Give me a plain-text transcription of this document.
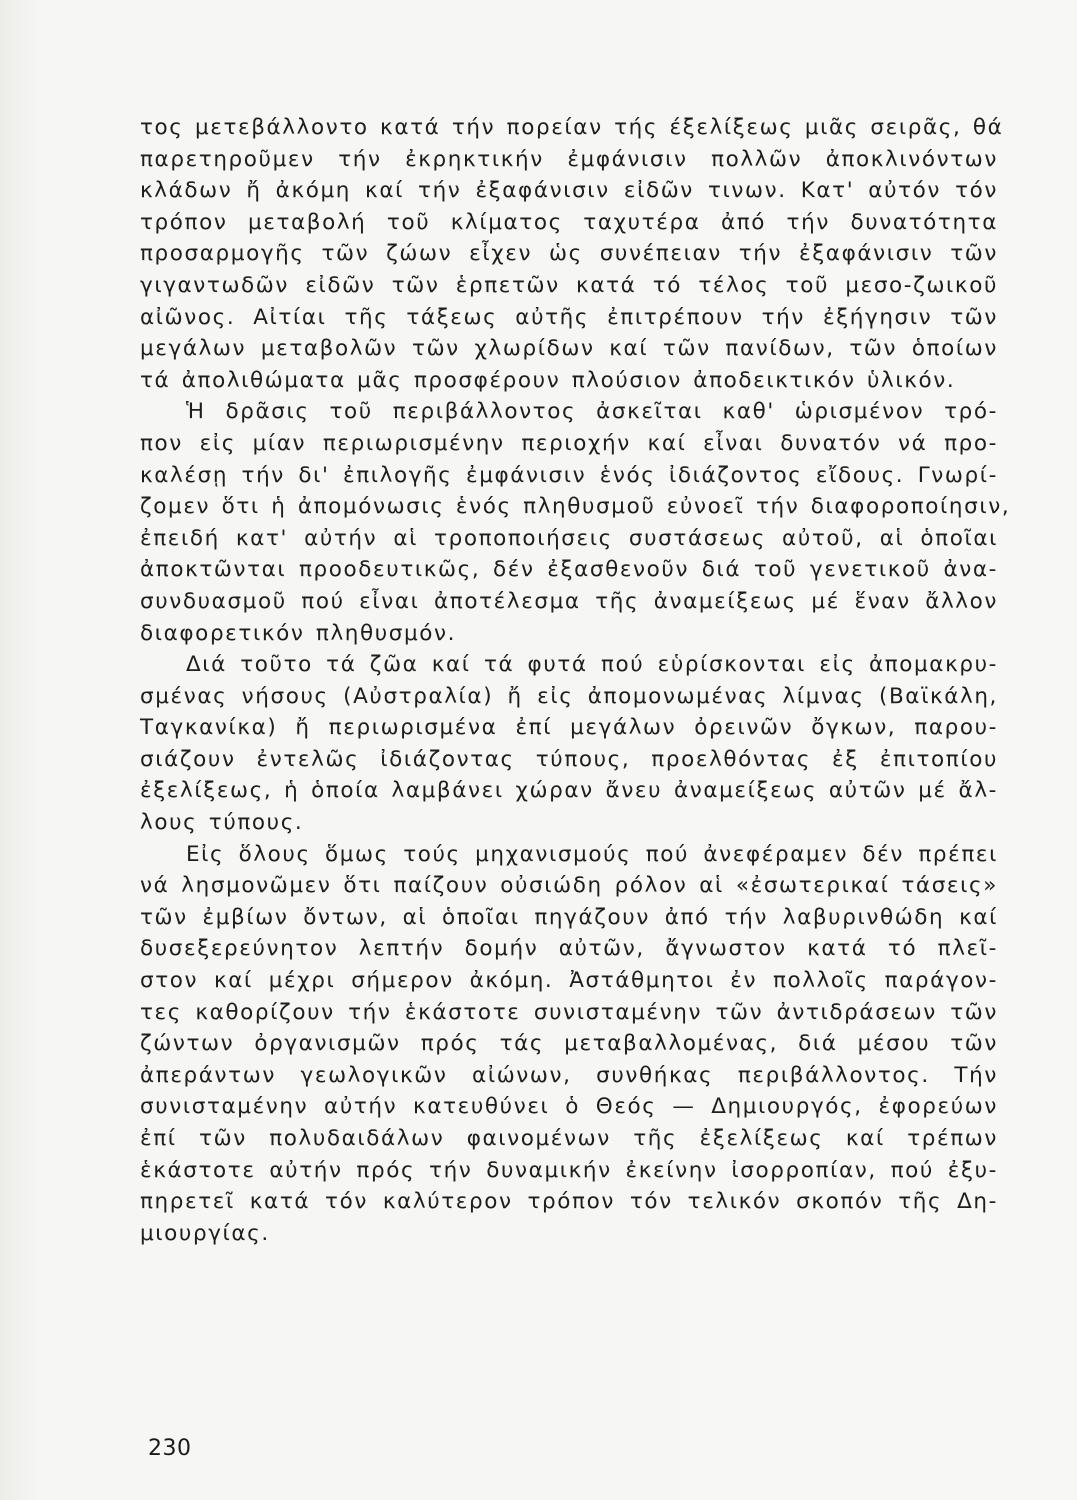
τος μετεβάλλοντο κατά τήν πορείαν τής έξελίξεως μιᾶς σειρᾶς, θά
παρετηροῦμεν τήν ἐκρηκτικήν ἐμφάνισιν πολλῶν ἀποκλινόντων
κλάδων ἤ ἀκόμη καί τήν ἐξαφάνισιν εἰδῶν τινων. Κατ' αὐτόν τόν
τρόπον μεταβολή τοῦ κλίματος ταχυτέρα ἀπό τήν δυνατότητα
προσαρμογῆς τῶν ζώων εἶχεν ὡς συνέπειαν τήν ἐξαφάνισιν τῶν
γιγαντωδῶν εἰδῶν τῶν ἑρπετῶν κατά τό τέλος τοῦ μεσο-ζωικοῦ
αἰῶνος. Αἰτίαι τῆς τάξεως αὐτῆς ἐπιτρέπουν τήν ἐξήγησιν τῶν
μεγάλων μεταβολῶν τῶν χλωρίδων καί τῶν πανίδων, τῶν ὁποίων
τά ἀπολιθώματα μᾶς προσφέρουν πλούσιον ἀποδεικτικόν ὑλικόν.
Ἡ δρᾶσις τοῦ περιβάλλοντος ἀσκεῖται καθ' ὡρισμένον τρό-
πον εἰς μίαν περιωρισμένην περιοχήν καί εἶναι δυνατόν νά προ-
καλέσῃ τήν δι' ἐπιλογῆς ἐμφάνισιν ἑνός ἰδιάζοντος εἴδους. Γνωρί-
ζομεν ὅτι ἡ ἀπομόνωσις ἑνός πληθυσμοῦ εὐνοεῖ τήν διαφοροποίησιν,
ἐπειδή κατ' αὐτήν αἱ τροποποιήσεις συστάσεως αὐτοῦ, αἱ ὁποῖαι
ἀποκτῶνται προοδευτικῶς, δέν ἐξασθενοῦν διά τοῦ γενετικοῦ ἀνα-
συνδυασμοῦ πού εἶναι ἀποτέλεσμα τῆς ἀναμείξεως μέ ἕναν ἄλλον
διαφορετικόν πληθυσμόν.
Διά τοῦτο τά ζῶα καί τά φυτά πού εὑρίσκονται εἰς ἀπομακρυ-
σμένας νήσους (Αὐστραλία) ἤ εἰς ἀπομονωμένας λίμνας (Βαϊκάλη,
Ταγκανίκα) ἤ περιωρισμένα ἐπί μεγάλων ὀρεινῶν ὄγκων, παρου-
σιάζουν ἐντελῶς ἰδιάζοντας τύπους, προελθόντας ἐξ ἐπιτοπίου
ἐξελίξεως, ἡ ὁποία λαμβάνει χώραν ἄνευ ἀναμείξεως αὐτῶν μέ ἄλ-
λους τύπους.
Εἰς ὅλους ὅμως τούς μηχανισμούς πού ἀνεφέραμεν δέν πρέπει
νά λησμονῶμεν ὅτι παίζουν οὐσιώδη ρόλον αἱ «ἐσωτερικαί τάσεις»
τῶν ἐμβίων ὄντων, αἱ ὁποῖαι πηγάζουν ἀπό τήν λαβυρινθώδη καί
δυσεξερεύνητον λεπτήν δομήν αὐτῶν, ἄγνωστον κατά τό πλεῖ-
στον καί μέχρι σήμερον ἀκόμη. Ἀστάθμητοι ἐν πολλοῖς παράγον-
τες καθορίζουν τήν ἑκάστοτε συνισταμένην τῶν ἀντιδράσεων τῶν
ζώντων ὀργανισμῶν πρός τάς μεταβαλλομένας, διά μέσου τῶν
ἀπεράντων γεωλογικῶν αἰώνων, συνθήκας περιβάλλοντος. Τήν
συνισταμένην αὐτήν κατευθύνει ὁ Θεός — Δημιουργός, ἐφορεύων
ἐπί τῶν πολυδαιδάλων φαινομένων τῆς ἐξελίξεως καί τρέπων
ἑκάστοτε αὐτήν πρός τήν δυναμικήν ἐκείνην ἰσορροπίαν, πού ἐξυ-
πηρετεῖ κατά τόν καλύτερον τρόπον τόν τελικόν σκοπόν τῆς Δη-
μιουργίας.
230
